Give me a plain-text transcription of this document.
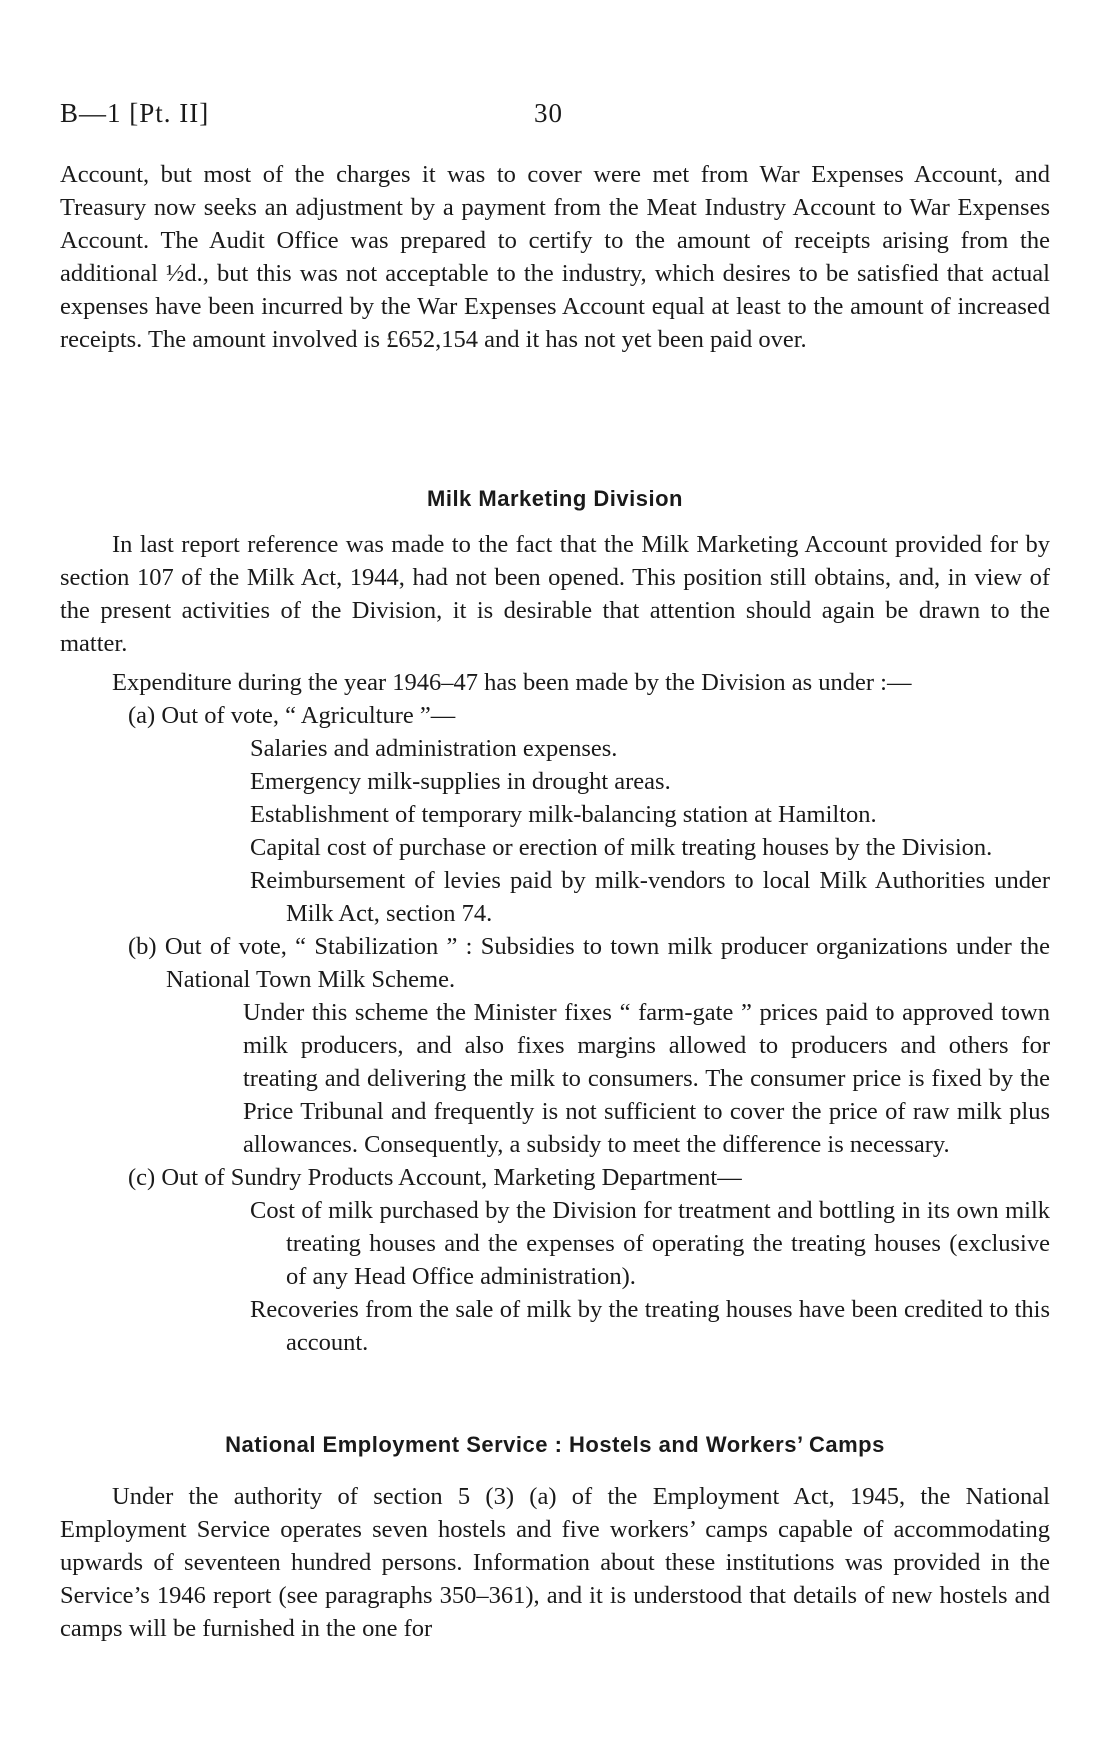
B—1 [Pt. II]	30

Account, but most of the charges it was to cover were met from War Expenses Account, and Treasury now seeks an adjustment by a payment from the Meat Industry Account to War Expenses Account. The Audit Office was prepared to certify to the amount of receipts arising from the additional ½d., but this was not acceptable to the industry, which desires to be satisfied that actual expenses have been incurred by the War Expenses Account equal at least to the amount of increased receipts. The amount involved is £652,154 and it has not yet been paid over.

Milk Marketing Division

In last report reference was made to the fact that the Milk Marketing Account provided for by section 107 of the Milk Act, 1944, had not been opened. This position still obtains, and, in view of the present activities of the Division, it is desirable that attention should again be drawn to the matter.

Expenditure during the year 1946–47 has been made by the Division as under :—

(a) Out of vote, “ Agriculture ”—

Salaries and administration expenses.

Emergency milk-supplies in drought areas.

Establishment of temporary milk-balancing station at Hamilton.

Capital cost of purchase or erection of milk treating houses by the Division.

Reimbursement of levies paid by milk-vendors to local Milk Authorities under Milk Act, section 74.

(b) Out of vote, “ Stabilization ” : Subsidies to town milk producer organizations under the National Town Milk Scheme.

Under this scheme the Minister fixes “ farm-gate ” prices paid to approved town milk producers, and also fixes margins allowed to producers and others for treating and delivering the milk to consumers. The consumer price is fixed by the Price Tribunal and frequently is not sufficient to cover the price of raw milk plus allowances. Consequently, a subsidy to meet the difference is necessary.

(c) Out of Sundry Products Account, Marketing Department—

Cost of milk purchased by the Division for treatment and bottling in its own milk treating houses and the expenses of operating the treating houses (exclusive of any Head Office administration).

Recoveries from the sale of milk by the treating houses have been credited to this account.

National Employment Service : Hostels and Workers’ Camps

Under the authority of section 5 (3) (a) of the Employment Act, 1945, the National Employment Service operates seven hostels and five workers’ camps capable of accommodating upwards of seventeen hundred persons. Information about these institutions was provided in the Service’s 1946 report (see paragraphs 350–361), and it is understood that details of new hostels and camps will be furnished in the one for
